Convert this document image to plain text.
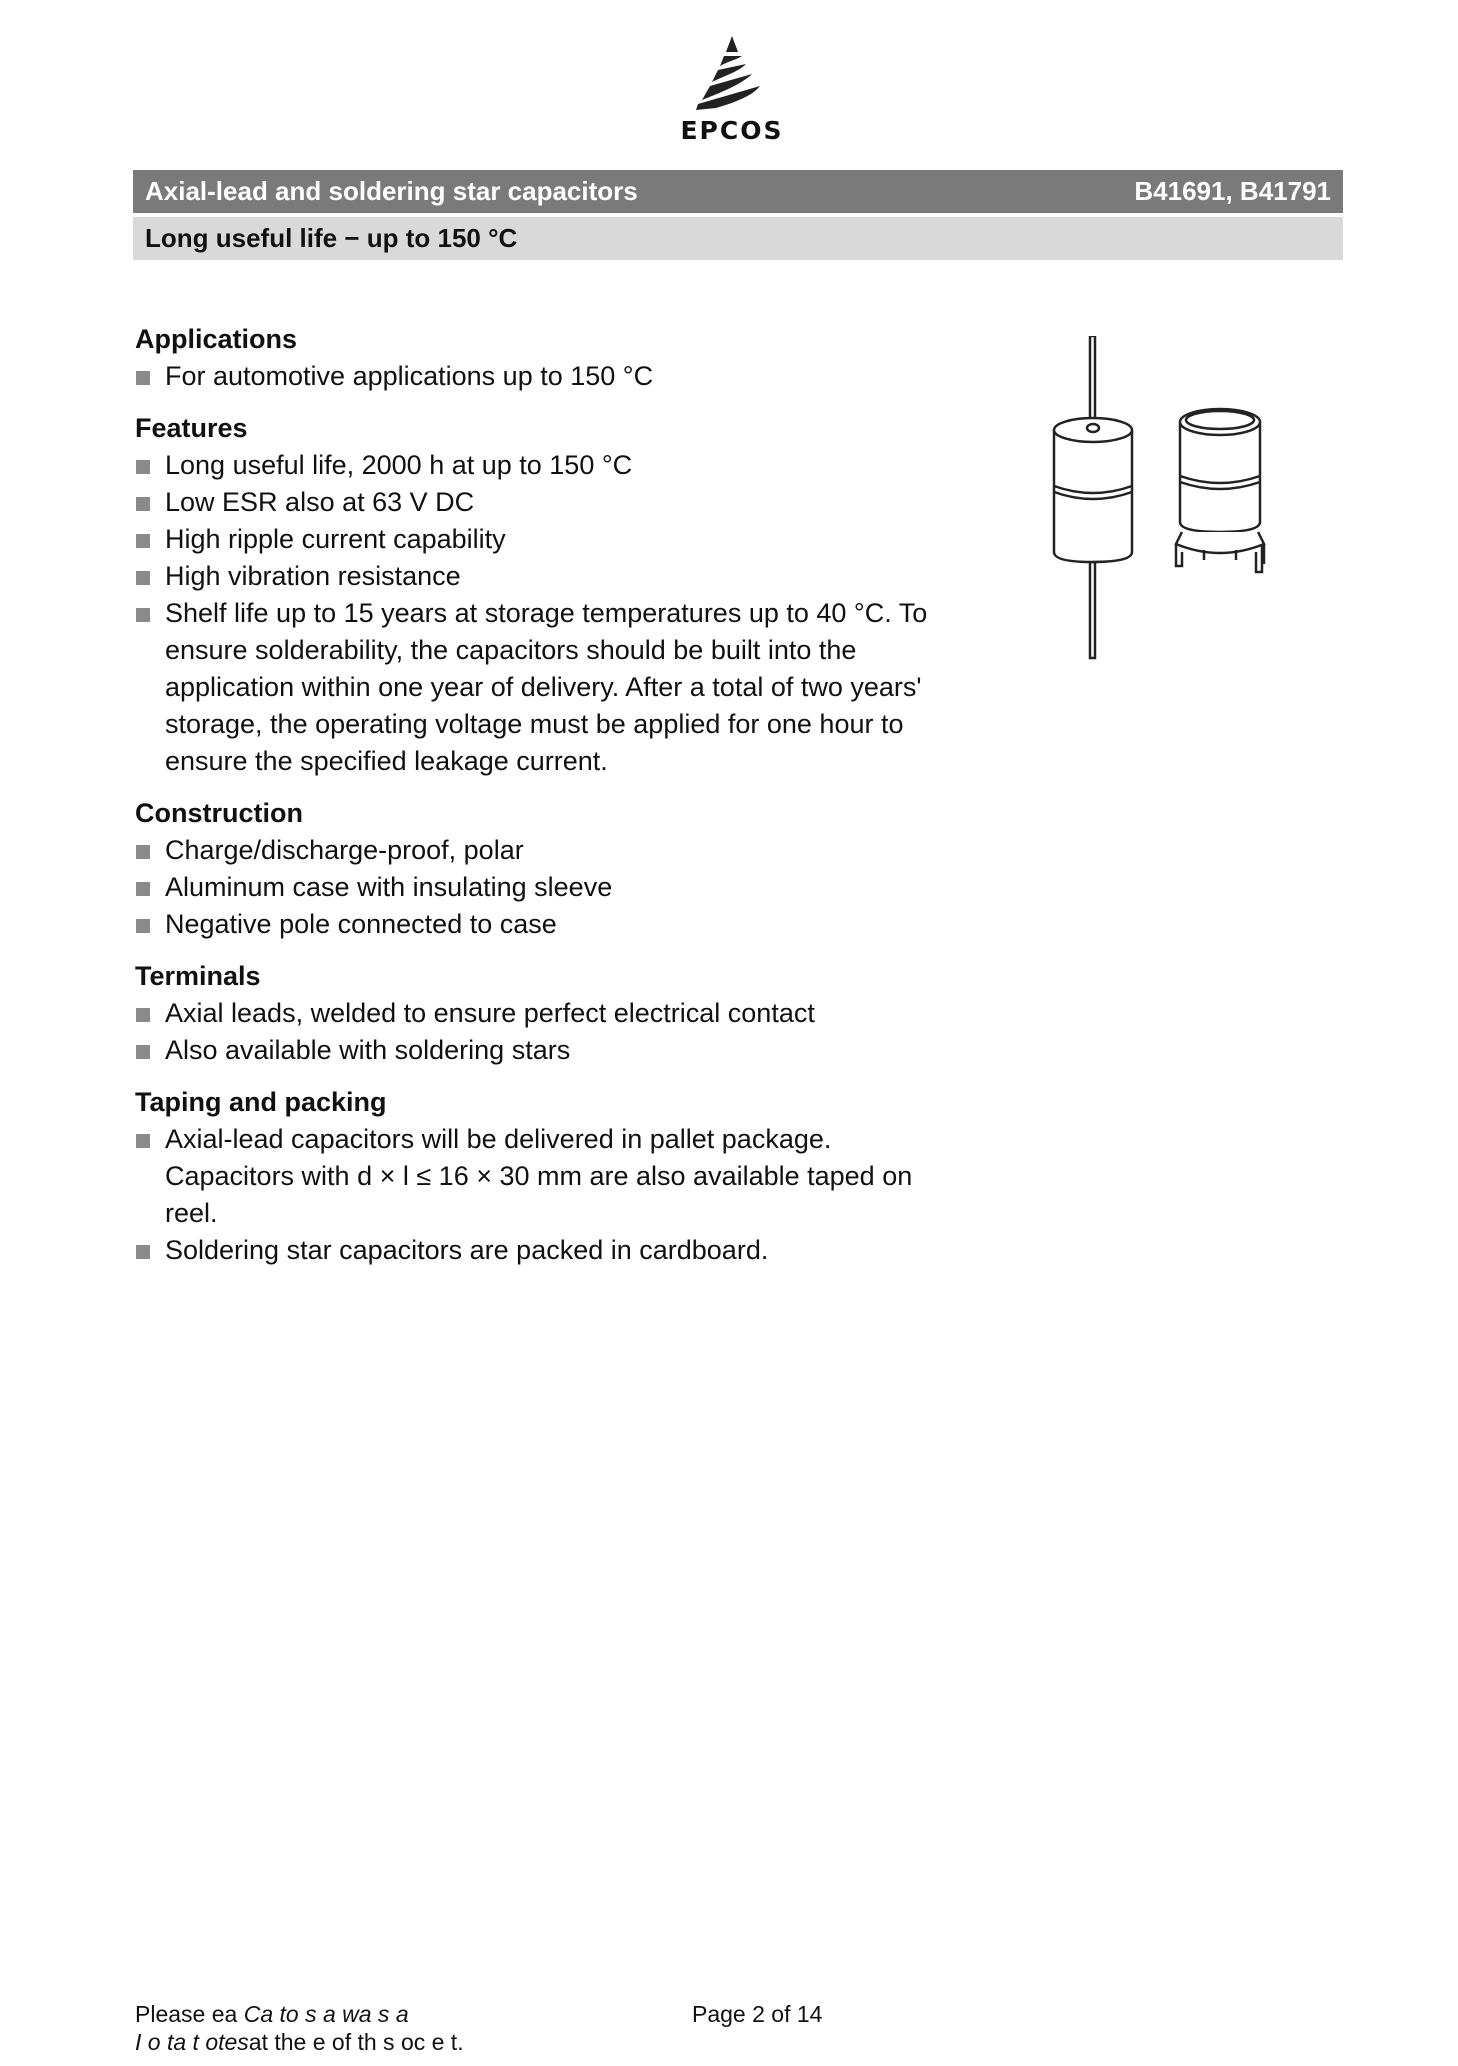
EPCOS
Axial-lead and soldering star capacitors	B41691, B41791
Long useful life − up to 150 °C
Applications
For automotive applications up to 150 °C
Features
Long useful life, 2000 h at up to 150 °C
Low ESR also at 63 V DC
High ripple current capability
High vibration resistance
Shelf life up to 15 years at storage temperatures up to 40 °C. To ensure solderability, the capacitors should be built into the application within one year of delivery. After a total of two years' storage, the operating voltage must be applied for one hour to ensure the specified leakage current.
Construction
Charge/discharge-proof, polar
Aluminum case with insulating sleeve
Negative pole connected to case
Terminals
Axial leads, welded to ensure perfect electrical contact
Also available with soldering stars
Taping and packing
Axial-lead capacitors will be delivered in pallet package. Capacitors with d × l ≤ 16 × 30 mm are also available taped on reel.
Soldering star capacitors are packed in cardboard.
Please ea Ca to s a wa s a
I o ta t otesat the e of th s oc e t.
Page 2 of 14
